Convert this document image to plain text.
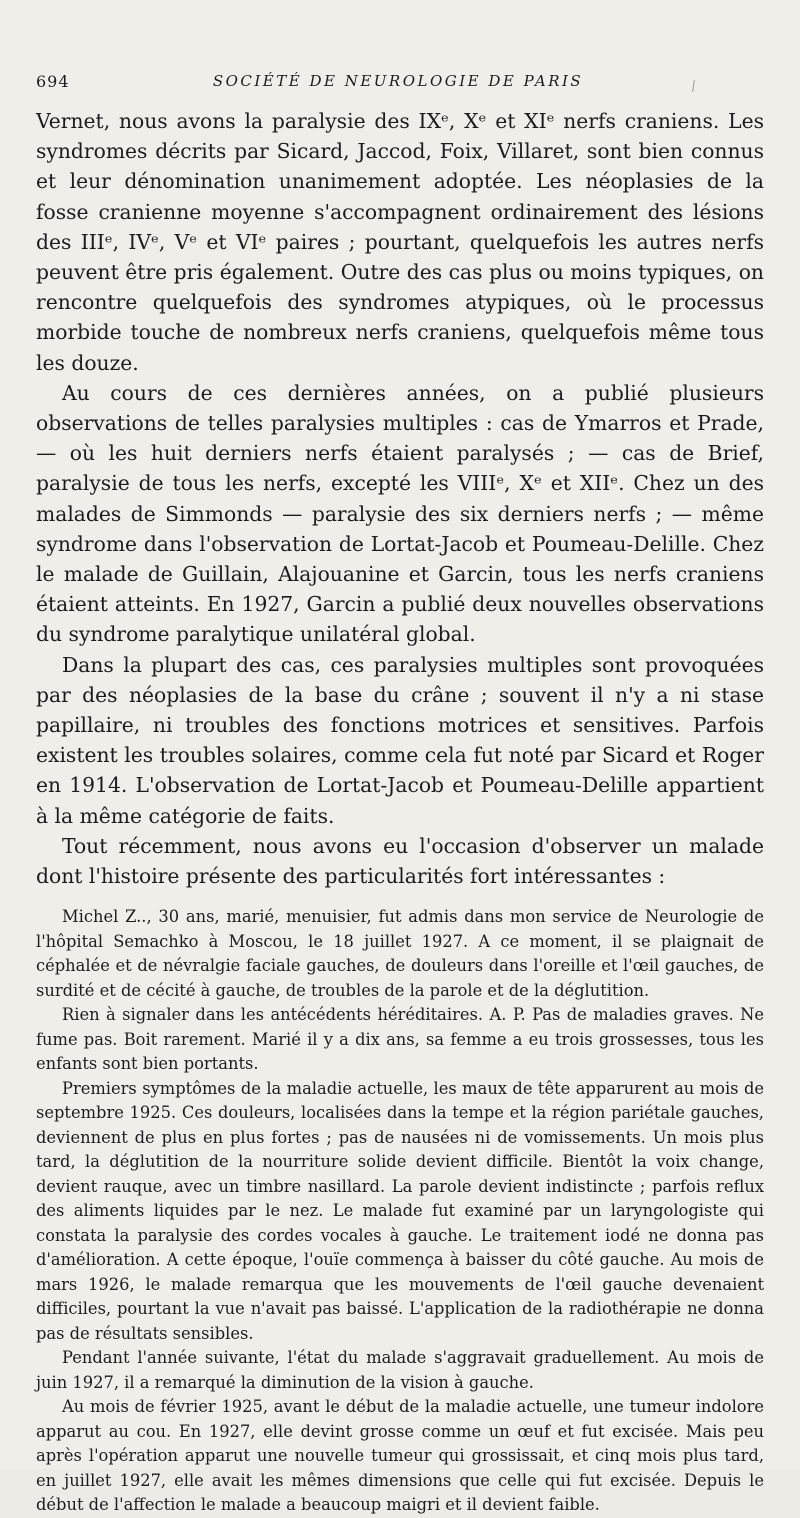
694	SOCIÉTÉ DE NEUROLOGIE DE PARIS

Vernet, nous avons la paralysie des IXᵉ, Xᵉ et XIᵉ nerfs craniens. Les syndromes décrits par Sicard, Jaccod, Foix, Villaret, sont bien connus et leur dénomination unanimement adoptée. Les néoplasies de la fosse cranienne moyenne s'accompagnent ordinairement des lésions des IIIᵉ, IVᵉ, Vᵉ et VIᵉ paires ; pourtant, quelquefois les autres nerfs peuvent être pris également. Outre des cas plus ou moins typiques, on rencontre quelquefois des syndromes atypiques, où le processus morbide touche de nombreux nerfs craniens, quelquefois même tous les douze.

Au cours de ces dernières années, on a publié plusieurs observations de telles paralysies multiples : cas de Ymarros et Prade, — où les huit derniers nerfs étaient paralysés ; — cas de Brief, paralysie de tous les nerfs, excepté les VIIIᵉ, Xᵉ et XIIᵉ. Chez un des malades de Simmonds — paralysie des six derniers nerfs ; — même syndrome dans l'observation de Lortat-Jacob et Poumeau-Delille. Chez le malade de Guillain, Alajouanine et Garcin, tous les nerfs craniens étaient atteints. En 1927, Garcin a publié deux nouvelles observations du syndrome paralytique unilatéral global.

Dans la plupart des cas, ces paralysies multiples sont provoquées par des néoplasies de la base du crâne ; souvent il n'y a ni stase papillaire, ni troubles des fonctions motrices et sensitives. Parfois existent les troubles solaires, comme cela fut noté par Sicard et Roger en 1914. L'observation de Lortat-Jacob et Poumeau-Delille appartient à la même catégorie de faits.

Tout récemment, nous avons eu l'occasion d'observer un malade dont l'histoire présente des particularités fort intéressantes :

Michel Z.., 30 ans, marié, menuisier, fut admis dans mon service de Neurologie de l'hôpital Semachko à Moscou, le 18 juillet 1927. A ce moment, il se plaignait de céphalée et de névralgie faciale gauches, de douleurs dans l'oreille et l'œil gauches, de surdité et de cécité à gauche, de troubles de la parole et de la déglutition.

Rien à signaler dans les antécédents héréditaires. A. P. Pas de maladies graves. Ne fume pas. Boit rarement. Marié il y a dix ans, sa femme a eu trois grossesses, tous les enfants sont bien portants.

Premiers symptômes de la maladie actuelle, les maux de tête apparurent au mois de septembre 1925. Ces douleurs, localisées dans la tempe et la région pariétale gauches, deviennent de plus en plus fortes ; pas de nausées ni de vomissements. Un mois plus tard, la déglutition de la nourriture solide devient difficile. Bientôt la voix change, devient rauque, avec un timbre nasillard. La parole devient indistincte ; parfois reflux des aliments liquides par le nez. Le malade fut examiné par un laryngologiste qui constata la paralysie des cordes vocales à gauche. Le traitement iodé ne donna pas d'amélioration. A cette époque, l'ouïe commença à baisser du côté gauche. Au mois de mars 1926, le malade remarqua que les mouvements de l'œil gauche devenaient difficiles, pourtant la vue n'avait pas baissé. L'application de la radiothérapie ne donna pas de résultats sensibles.

Pendant l'année suivante, l'état du malade s'aggravait graduellement. Au mois de juin 1927, il a remarqué la diminution de la vision à gauche.

Au mois de février 1925, avant le début de la maladie actuelle, une tumeur indolore apparut au cou. En 1927, elle devint grosse comme un œuf et fut excisée. Mais peu après l'opération apparut une nouvelle tumeur qui grossissait, et cinq mois plus tard, en juillet 1927, elle avait les mêmes dimensions que celle qui fut excisée. Depuis le début de l'affection le malade a beaucoup maigri et il devient faible.
